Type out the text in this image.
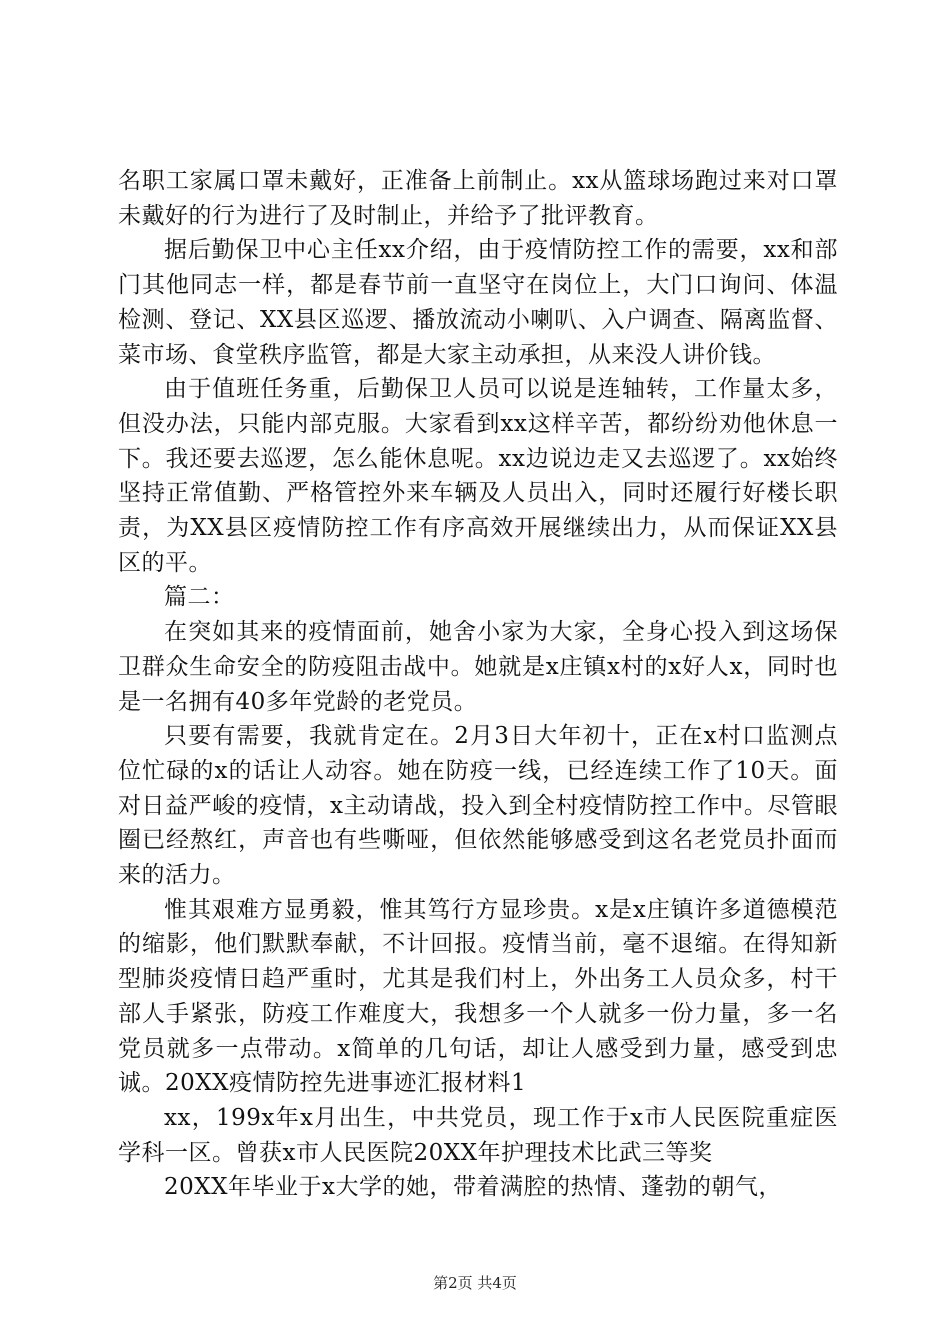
名职工家属口罩未戴好，正准备上前制止。xx从篮球场跑过来对口罩未戴好的行为进行了及时制止，并给予了批评教育。

据后勤保卫中心主任xx介绍，由于疫情防控工作的需要，xx和部门其他同志一样，都是春节前一直坚守在岗位上，大门口询问、体温检测、登记、XX县区巡逻、播放流动小喇叭、入户调查、隔离监督、菜市场、食堂秩序监管，都是大家主动承担，从来没人讲价钱。

由于值班任务重，后勤保卫人员可以说是连轴转，工作量太多，但没办法，只能内部克服。大家看到xx这样辛苦，都纷纷劝他休息一下。我还要去巡逻，怎么能休息呢。xx边说边走又去巡逻了。xx始终坚持正常值勤、严格管控外来车辆及人员出入，同时还履行好楼长职责，为XX县区疫情防控工作有序高效开展继续出力，从而保证XX县区的平。

篇二：

在突如其来的疫情面前，她舍小家为大家，全身心投入到这场保卫群众生命安全的防疫阻击战中。她就是x庄镇x村的x好人x，同时也是一名拥有40多年党龄的老党员。

只要有需要，我就肯定在。2月3日大年初十，正在x村口监测点位忙碌的x的话让人动容。她在防疫一线，已经连续工作了10天。面对日益严峻的疫情，x主动请战，投入到全村疫情防控工作中。尽管眼圈已经熬红，声音也有些嘶哑，但依然能够感受到这名老党员扑面而来的活力。

惟其艰难方显勇毅，惟其笃行方显珍贵。x是x庄镇许多道德模范的缩影，他们默默奉献，不计回报。疫情当前，毫不退缩。在得知新型肺炎疫情日趋严重时，尤其是我们村上，外出务工人员众多，村干部人手紧张，防疫工作难度大，我想多一个人就多一份力量，多一名党员就多一点带动。x简单的几句话，却让人感受到力量，感受到忠诚。20XX疫情防控先进事迹汇报材料1

xx，199x年x月出生，中共党员，现工作于x市人民医院重症医学科一区。曾获x市人民医院20XX年护理技术比武三等奖

20XX年毕业于x大学的她，带着满腔的热情、蓬勃的朝气，

第2页 共4页
